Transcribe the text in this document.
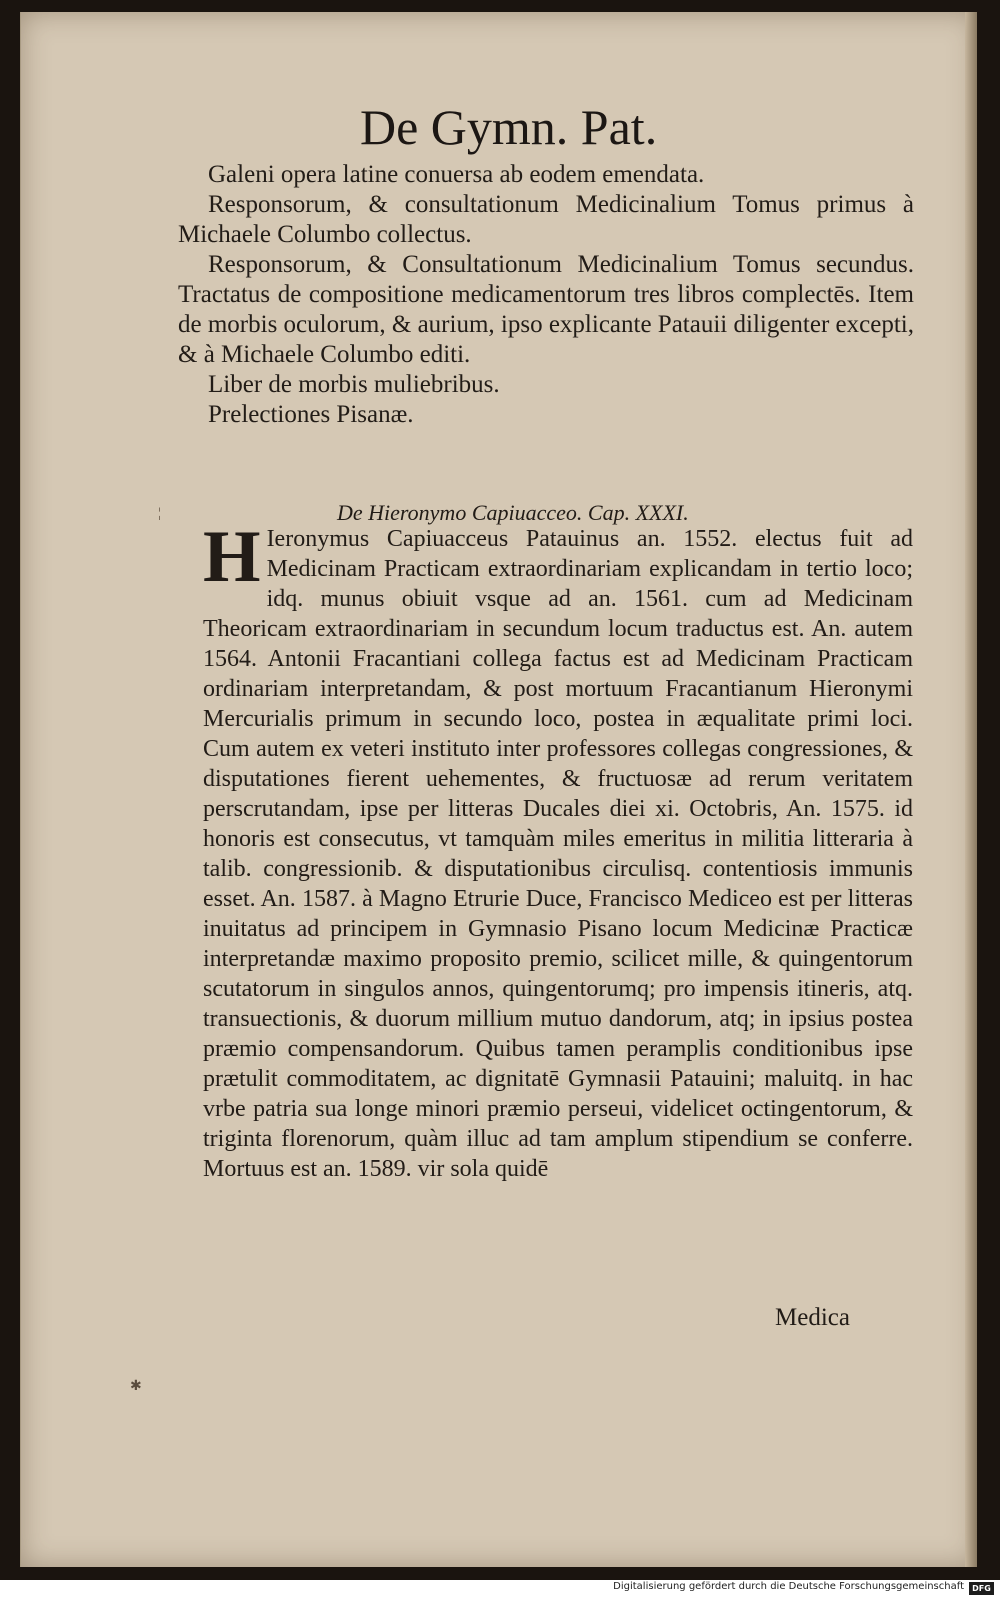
De Gymn. Pat.

Galeni opera latine conuersa ab eodem emendata.

Responsorum, & consultationum Medicinalium Tomus primus à Michaele Columbo collectus.

Responsorum, & Consultationum Medicinalium Tomus secundus. Tractatus de compositione medicamentorum tres libros complectēs. Item de morbis oculorum, & aurium, ipso explicante Patauii diligenter excepti, & à Michaele Columbo editi.

Liber de morbis muliebribus.

Prelectiones Pisanæ.

¦
✱
De Hieronymo Capiuacceo. Cap. XXXI.
H Ieronymus Capiuacceus Patauinus an. 1552. electus fuit ad Medicinam Practicam extraordinariam explicandam in tertio loco; idq. munus obiuit vsque ad an. 1561. cum ad Medicinam Theoricam extraordinariam in secundum locum traductus est. An. autem 1564. Antonii Fracantiani collega factus est ad Medicinam Practicam ordinariam interpretandam, & post mortuum Fracantianum Hieronymi Mercurialis primum in secundo loco, postea in æqualitate primi loci. Cum autem ex veteri instituto inter professores collegas congressiones, & disputationes fierent uehementes, & fructuosæ ad rerum veritatem perscrutandam, ipse per litteras Ducales diei xi. Octobris, An. 1575. id honoris est consecutus, vt tamquàm miles emeritus in militia litteraria à talib. congressionib. & disputationibus circulisq. contentiosis immunis esset. An. 1587. à Magno Etrurie Duce, Francisco Mediceo est per litteras inuitatus ad principem in Gymnasio Pisano locum Medicinæ Practicæ interpretandæ maximo proposito premio, scilicet mille, & quingentorum scutatorum in singulos annos, quingentorumq; pro impensis itineris, atq. transuectionis, & duorum millium mutuo dandorum, atq; in ipsius postea præmio compensandorum. Quibus tamen peramplis conditionibus ipse prætulit commoditatem, ac dignitatē Gymnasii Patauini; maluitq. in hac vrbe patria sua longe minori præmio perseui, videlicet octingentorum, & triginta florenorum, quàm illuc ad tam amplum stipendium se conferre. Mortuus est an. 1589. vir sola quidē
Medica
Digitalisierung gefördert durch die Deutsche Forschungsgemeinschaft	DFG
